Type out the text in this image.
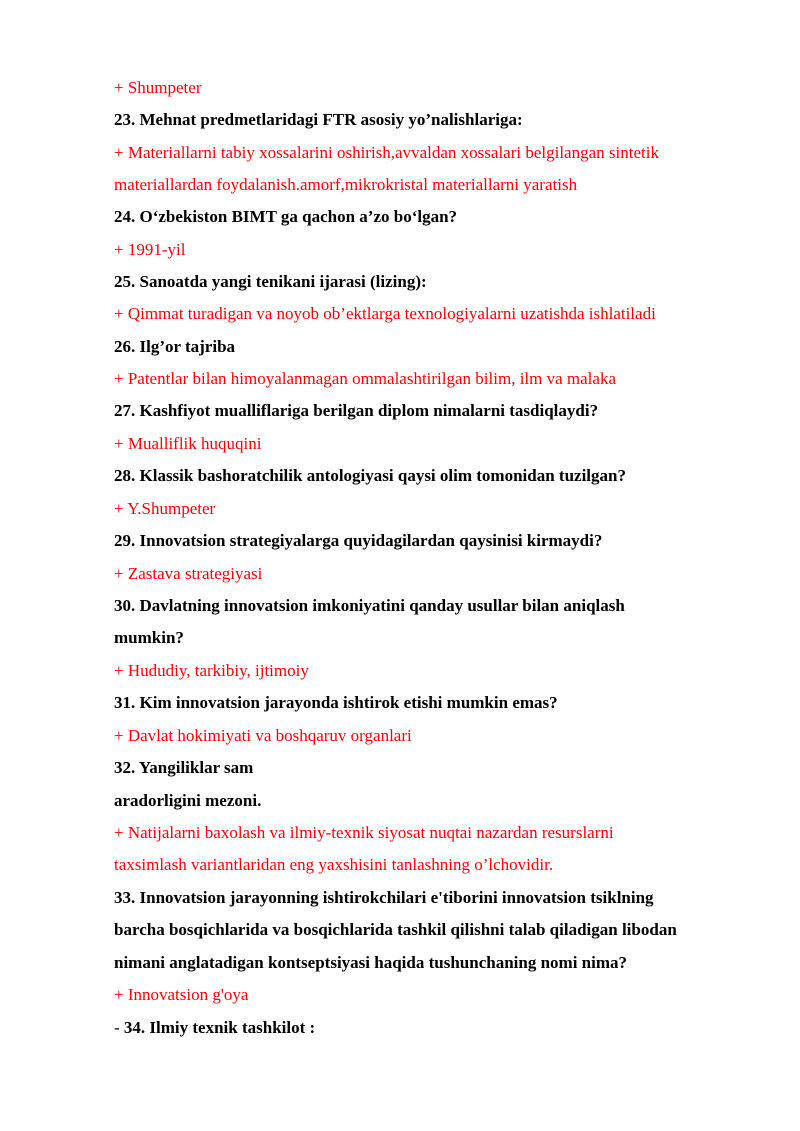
+ Shumpeter
23. Mehnat predmetlaridagi FTR asosiy yo’nalishlariga:
+ Materiallarni tabiy xossalarini oshirish,avvaldan xossalari belgilangan sintetik
materiallardan foydalanish.amorf,mikrokristal materiallarni yaratish
24. O‘zbekiston BIMT ga qachon a’zo bo‘lgan?
+ 1991-yil
25. Sanoatda yangi tenikani ijarasi (lizing):
+ Qimmat turadigan va noyob ob’ektlarga texnologiyalarni uzatishda ishlatiladi
26. Ilg’or tajriba
+ Patentlar bilan himoyalanmagan ommalashtirilgan bilim, ilm va malaka
27. Kashfiyot mualliflariga berilgan diplom nimalarni tasdiqlaydi?
+ Mualliflik huquqini
28. Klassik bashoratchilik antologiyasi qaysi olim tomonidan tuzilgan?
+ Y.Shumpeter
29. Innovatsion strategiyalarga quyidagilardan qaysinisi kirmaydi?
+ Zastava strategiyasi
30. Davlatning innovatsion imkoniyatini qanday usullar bilan aniqlash
mumkin?
+ Hududiy, tarkibiy, ijtimoiy
31. Kim innovatsion jarayonda ishtirok etishi mumkin emas?
+ Davlat hokimiyati va boshqaruv organlari
32. Yangiliklar sam
aradorligini mezoni.
+ Natijalarni baxolash va ilmiy-texnik siyosat nuqtai nazardan resurslarni
taxsimlash variantlaridan eng yaxshisini tanlashning o’lchovidir.
33. Innovatsion jarayonning ishtirokchilari e'tiborini innovatsion tsiklning
barcha bosqichlarida va bosqichlarida tashkil qilishni talab qiladigan libodan
nimani anglatadigan kontseptsiyasi haqida tushunchaning nomi nima?
+ Innovatsion g'oya
- 34. Ilmiy texnik tashkilot :
